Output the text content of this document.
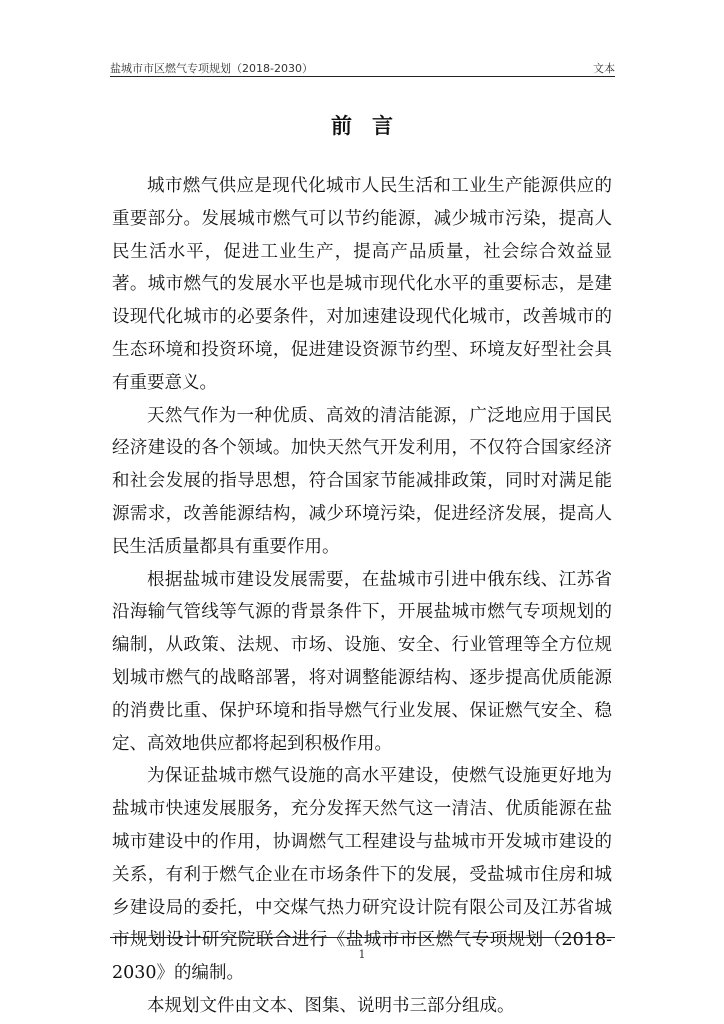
盐城市市区燃气专项规划（2018-2030）	文本
前言

城市燃气供应是现代化城市人民生活和工业生产能源供应的重要部分。发展城市燃气可以节约能源，减少城市污染，提高人民生活水平，促进工业生产，提高产品质量，社会综合效益显著。城市燃气的发展水平也是城市现代化水平的重要标志，是建设现代化城市的必要条件，对加速建设现代化城市，改善城市的生态环境和投资环境，促进建设资源节约型、环境友好型社会具有重要意义。

天然气作为一种优质、高效的清洁能源，广泛地应用于国民经济建设的各个领域。加快天然气开发利用，不仅符合国家经济和社会发展的指导思想，符合国家节能减排政策，同时对满足能源需求，改善能源结构，减少环境污染，促进经济发展，提高人民生活质量都具有重要作用。

根据盐城市建设发展需要，在盐城市引进中俄东线、江苏省沿海输气管线等气源的背景条件下，开展盐城市燃气专项规划的编制，从政策、法规、市场、设施、安全、行业管理等全方位规划城市燃气的战略部署，将对调整能源结构、逐步提高优质能源的消费比重、保护环境和指导燃气行业发展、保证燃气安全、稳定、高效地供应都将起到积极作用。

为保证盐城市燃气设施的高水平建设，使燃气设施更好地为盐城市快速发展服务，充分发挥天然气这一清洁、优质能源在盐城市建设中的作用，协调燃气工程建设与盐城市开发城市建设的关系，有利于燃气企业在市场条件下的发展，受盐城市住房和城乡建设局的委托，中交煤气热力研究设计院有限公司及江苏省城市规划设计研究院联合进行《盐城市市区燃气专项规划（2018-2030》的编制。

本规划文件由文本、图集、说明书三部分组成。

1
